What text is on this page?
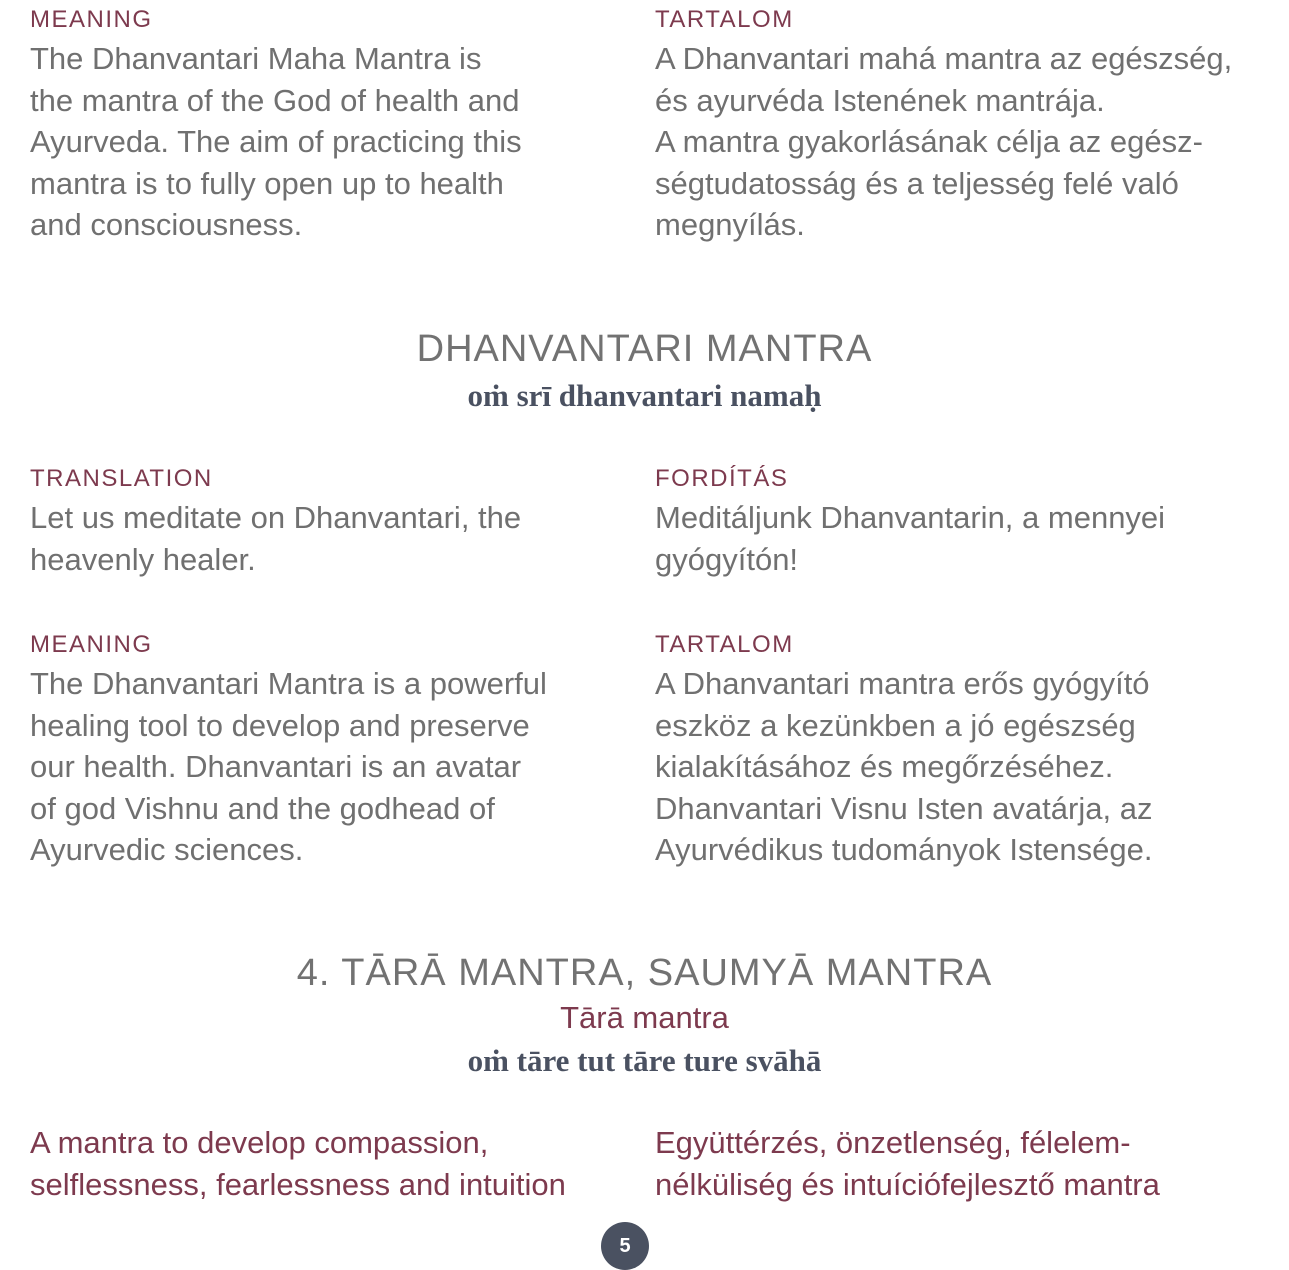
MEANING

The Dhanvantari Maha Mantra is
the mantra of the God of health and
Ayurveda. The aim of practicing this
mantra is to fully open up to health
and consciousness.

TARTALOM

A Dhanvantari mahá mantra az egészség,
és ayurvéda Istenének mantrája.
A mantra gyakorlásának célja az egész-
ségtudatosság és a teljesség felé való
megnyílás.

DHANVANTARI MANTRA

oṁ srī dhanvantari namaḥ

TRANSLATION

Let us meditate on Dhanvantari, the
heavenly healer.

FORDÍTÁS

Meditáljunk Dhanvantarin, a mennyei
gyógyítón!

MEANING

The Dhanvantari Mantra is a powerful
healing tool to develop and preserve
our health. Dhanvantari is an avatar
of god Vishnu and the godhead of
Ayurvedic sciences.

TARTALOM

A Dhanvantari mantra erős gyógyító
eszköz a kezünkben a jó egészség
kialakításához és megőrzéséhez.
Dhanvantari Visnu Isten avatárja, az
Ayurvédikus tudományok Istensége.

4. TĀRĀ MANTRA, SAUMYĀ MANTRA

Tārā mantra

oṁ tāre tut tāre ture svāhā

A mantra to develop compassion,
selflessness, fearlessness and intuition

Együttérzés, önzetlenség, félelem-
nélküliség és intuíciófejlesztő mantra

5
